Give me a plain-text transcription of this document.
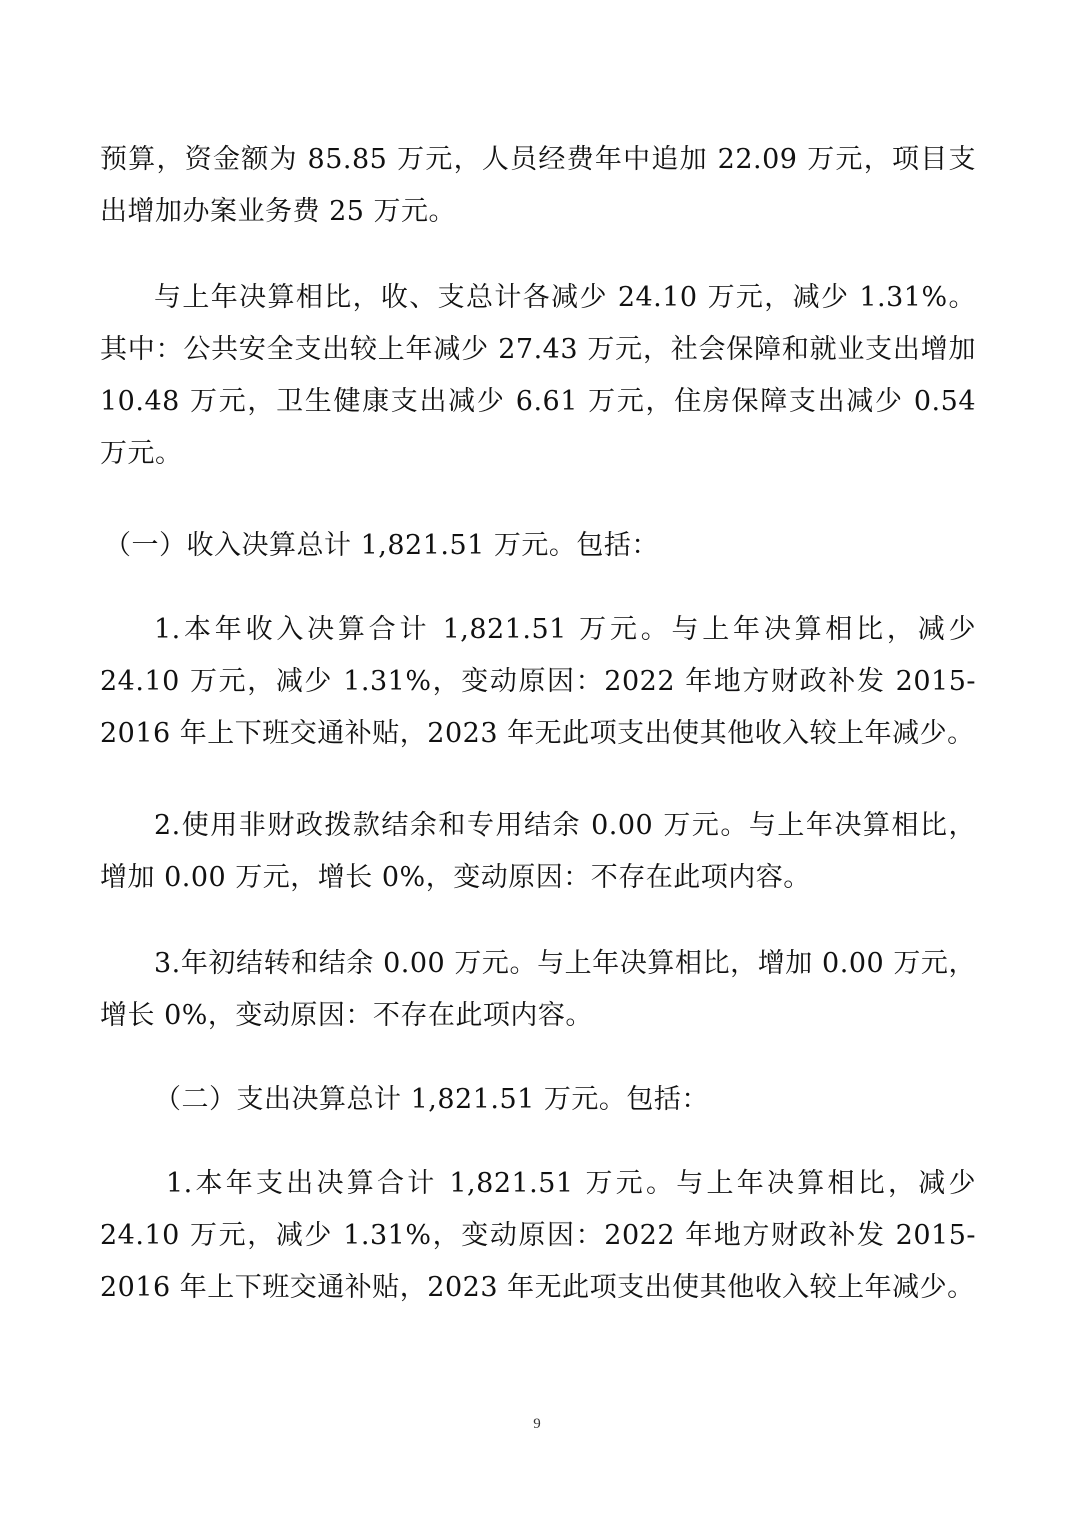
预算，资金额为 85.85 万元，人员经费年中追加 22.09 万元，项目支出增加办案业务费 25 万元。

与上年决算相比，收、支总计各减少 24.10 万元，减少 1.31%。其中：公共安全支出较上年减少 27.43 万元，社会保障和就业支出增加 10.48 万元，卫生健康支出减少 6.61 万元，住房保障支出减少 0.54 万元。

（一）收入决算总计 1,821.51 万元。包括：

1.本年收入决算合计 1,821.51 万元。与上年决算相比，减少 24.10 万元，减少 1.31%，变动原因：2022 年地方财政补发 2015-2016 年上下班交通补贴，2023 年无此项支出使其他收入较上年减少。

2.使用非财政拨款结余和专用结余 0.00 万元。与上年决算相比，增加 0.00 万元，增长 0%，变动原因：不存在此项内容。

3.年初结转和结余 0.00 万元。与上年决算相比，增加 0.00 万元，增长 0%，变动原因：不存在此项内容。

（二）支出决算总计 1,821.51 万元。包括：

1.本年支出决算合计 1,821.51 万元。与上年决算相比，减少 24.10 万元，减少 1.31%，变动原因：2022 年地方财政补发 2015-2016 年上下班交通补贴，2023 年无此项支出使其他收入较上年减少。

9
